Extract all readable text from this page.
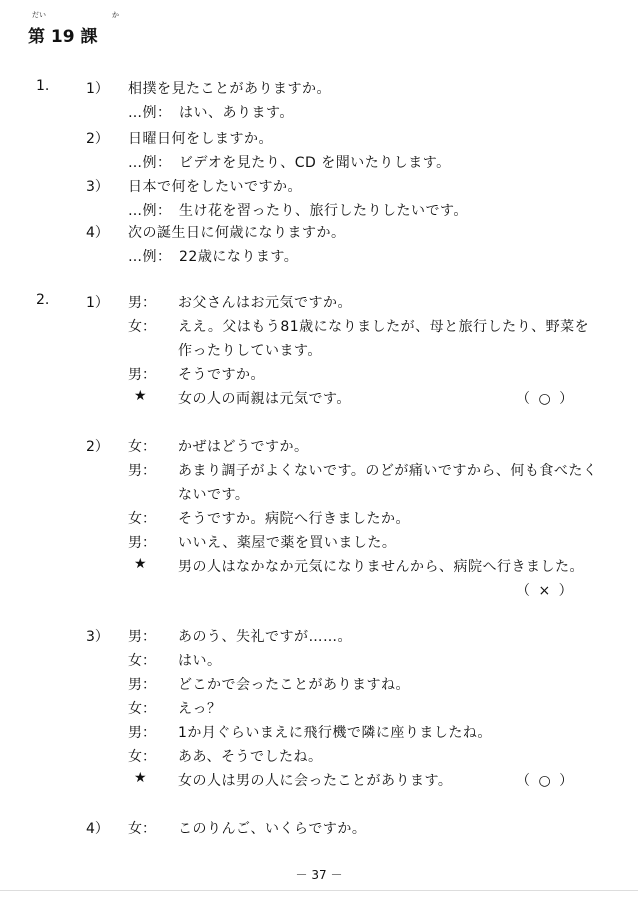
だい	か
第 19 課
1.	1） 相撲を見たことがありますか。
…例：　はい、あります。
2） 日曜日何をしますか。
…例：　ビデオを見たり、CD を聞いたりします。
3） 日本で何をしたいですか。
…例：　生け花を習ったり、旅行したりしたいです。
4） 次の誕生日に何歳になりますか。
…例：　22歳になります。
2.	1） 男： お父さんはお元気ですか。
女： ええ。父はもう81歳になりましたが、母と旅行したり、野菜を
作ったりしています。
男： そうですか。
★ 女の人の両親は元気です。	（ ○ ）
2） 女： かぜはどうですか。
男： あまり調子がよくないです。のどが痛いですから、何も食べたく
ないです。
女： そうですか。病院へ行きましたか。
男： いいえ、薬屋で薬を買いました。
★ 男の人はなかなか元気になりませんから、病院へ行きました。
（ × ）
3） 男： あのう、失礼ですが……。
女： はい。
男： どこかで会ったことがありますね。
女： えっ？
男： 1か月ぐらいまえに飛行機で隣に座りましたね。
女： ああ、そうでしたね。
★ 女の人は男の人に会ったことがあります。	（ ○ ）
4） 女： このりんご、いくらですか。
－ 37 －
